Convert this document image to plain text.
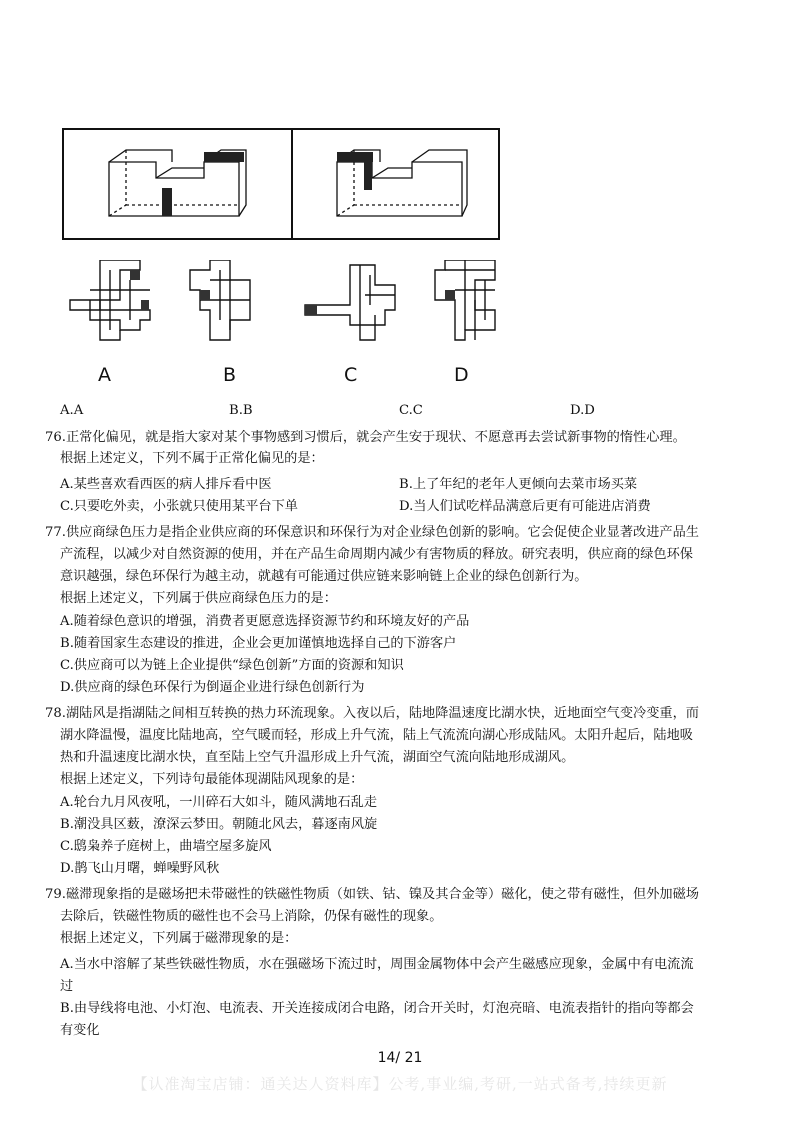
A	B	C	D
A.A	B.B	C.C	D.D
76.正常化偏见，就是指大家对某个事物感到习惯后，就会产生安于现状、不愿意再去尝试新事物的惰性心理。
根据上述定义，下列不属于正常化偏见的是：
A.某些喜欢看西医的病人排斥看中医	B.上了年纪的老年人更倾向去菜市场买菜
C.只要吃外卖，小张就只使用某平台下单	D.当人们试吃样品满意后更有可能进店消费
77.供应商绿色压力是指企业供应商的环保意识和环保行为对企业绿色创新的影响。它会促使企业显著改进产品生
产流程，以减少对自然资源的使用，并在产品生命周期内减少有害物质的释放。研究表明，供应商的绿色环保
意识越强，绿色环保行为越主动，就越有可能通过供应链来影响链上企业的绿色创新行为。
根据上述定义，下列属于供应商绿色压力的是：
A.随着绿色意识的增强，消费者更愿意选择资源节约和环境友好的产品
B.随着国家生态建设的推进，企业会更加谨慎地选择自己的下游客户
C.供应商可以为链上企业提供“绿色创新”方面的资源和知识
D.供应商的绿色环保行为倒逼企业进行绿色创新行为
78.湖陆风是指湖陆之间相互转换的热力环流现象。入夜以后，陆地降温速度比湖水快，近地面空气变冷变重，而
湖水降温慢，温度比陆地高，空气暖而轻，形成上升气流，陆上气流流向湖心形成陆风。太阳升起后，陆地吸
热和升温速度比湖水快，直至陆上空气升温形成上升气流，湖面空气流向陆地形成湖风。
根据上述定义，下列诗句最能体现湖陆风现象的是：
A.轮台九月风夜吼，一川碎石大如斗，随风满地石乱走
B.潮没具区薮，潦深云梦田。朝随北风去，暮逐南风旋
C.鸱枭养子庭树上，曲墙空屋多旋风
D.鹊飞山月曙，蝉噪野风秋
79.磁滞现象指的是磁场把未带磁性的铁磁性物质（如铁、钴、镍及其合金等）磁化，使之带有磁性，但外加磁场
去除后，铁磁性物质的磁性也不会马上消除，仍保有磁性的现象。
根据上述定义，下列属于磁滞现象的是：
A.当水中溶解了某些铁磁性物质，水在强磁场下流过时，周围金属物体中会产生磁感应现象，金属中有电流流
过
B.由导线将电池、小灯泡、电流表、开关连接成闭合电路，闭合开关时，灯泡亮暗、电流表指针的指向等都会
有变化
14/ 21
【认准淘宝店铺：通关达人资料库】公考,事业编,考研,一站式备考,持续更新
